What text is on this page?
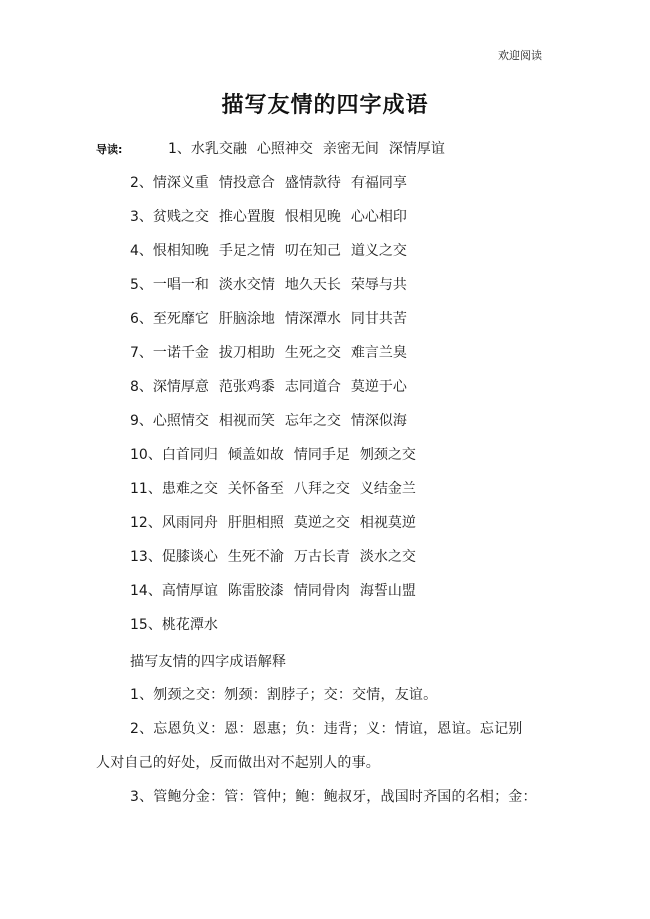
欢迎阅读
描写友情的四字成语
导读:	1、水乳交融 心照神交 亲密无间 深情厚谊
2、情深义重 情投意合 盛情款待 有福同享
3、贫贱之交 推心置腹 恨相见晚 心心相印
4、恨相知晚 手足之情 叨在知己 道义之交
5、一唱一和 淡水交情 地久天长 荣辱与共
6、至死靡它 肝脑涂地 情深潭水 同甘共苦
7、一诺千金 拔刀相助 生死之交 难言兰臭
8、深情厚意 范张鸡黍 志同道合 莫逆于心
9、心照情交 相视而笑 忘年之交 情深似海
10、白首同归 倾盖如故 情同手足 刎颈之交
11、患难之交 关怀备至 八拜之交 义结金兰
12、风雨同舟 肝胆相照 莫逆之交 相视莫逆
13、促膝谈心 生死不渝 万古长青 淡水之交
14、高情厚谊 陈雷胶漆 情同骨肉 海誓山盟
15、桃花潭水
描写友情的四字成语解释
1、刎颈之交：刎颈：割脖子；交：交情，友谊。
2、忘恩负义：恩：恩惠；负：违背；义：情谊，恩谊。忘记别
人对自己的好处，反而做出对不起别人的事。
3、管鲍分金：管：管仲；鲍：鲍叔牙，战国时齐国的名相；金：
